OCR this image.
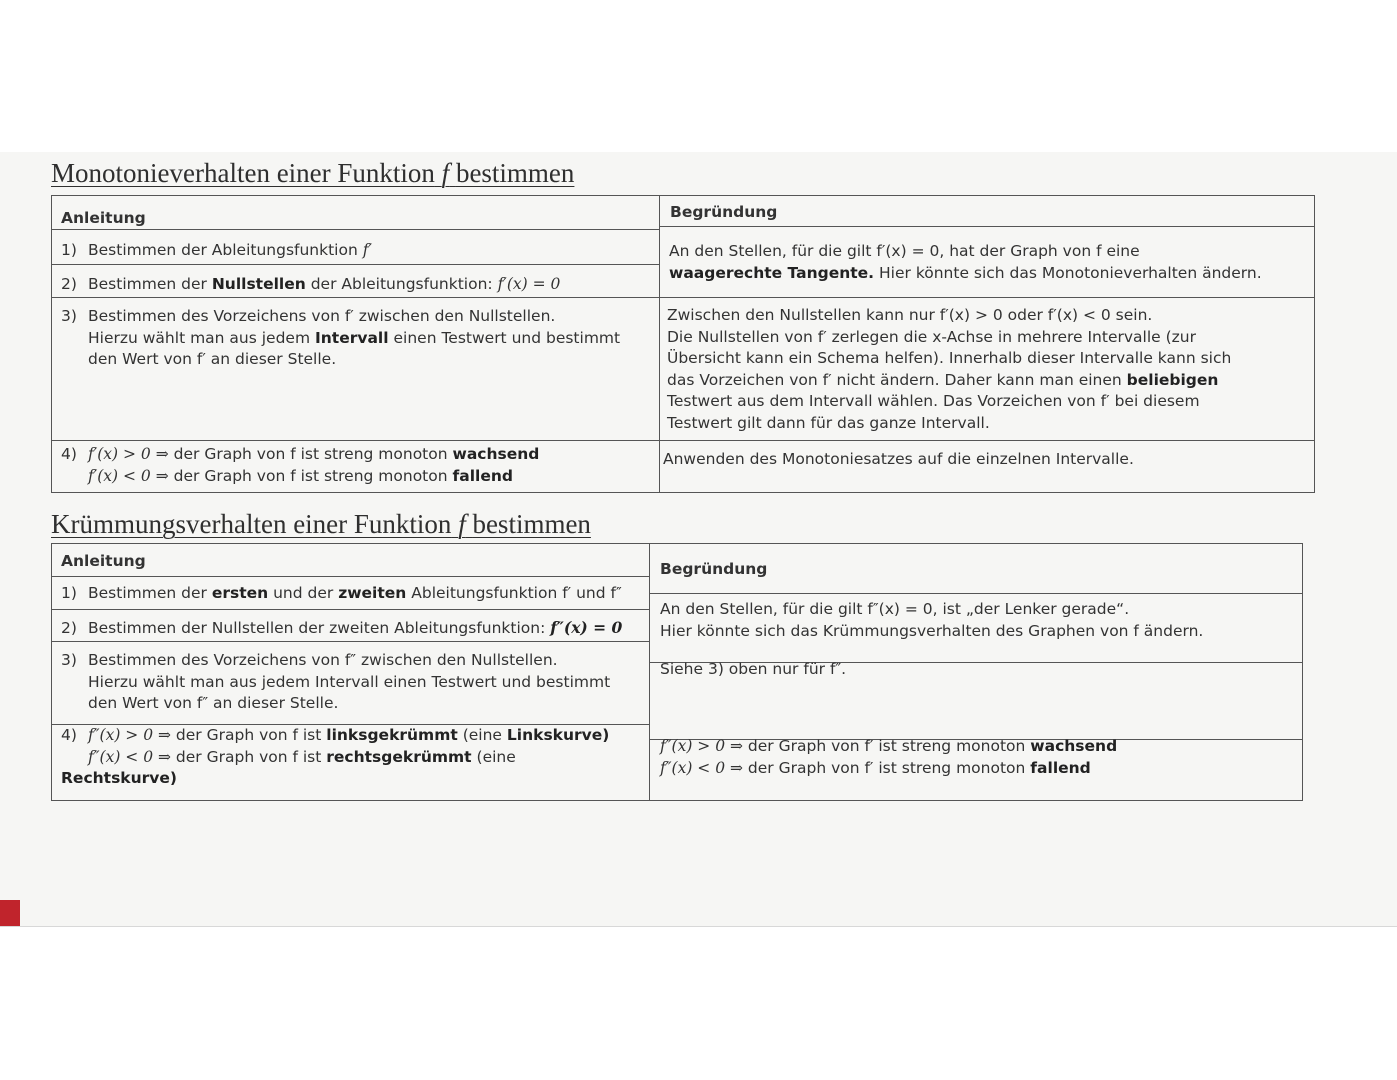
Monotonieverhalten einer Funktion f bestimmen
Anleitung	Begründung
1) Bestimmen der Ableitungsfunktion f′
2) Bestimmen der Nullstellen der Ableitungsfunktion: f′(x) = 0
3) Bestimmen des Vorzeichens von f′ zwischen den Nullstellen.
Hierzu wählt man aus jedem Intervall einen Testwert und bestimmt
den Wert von f′ an dieser Stelle.
4) f′(x) > 0 ⇒ der Graph von f ist streng monoton wachsend
f′(x) < 0 ⇒ der Graph von f ist streng monoton fallend
An den Stellen, für die gilt f′(x) = 0, hat der Graph von f eine
waagerechte Tangente. Hier könnte sich das Monotonieverhalten ändern.
Zwischen den Nullstellen kann nur f′(x) > 0 oder f′(x) < 0 sein.
Die Nullstellen von f′ zerlegen die x-Achse in mehrere Intervalle (zur
Übersicht kann ein Schema helfen). Innerhalb dieser Intervalle kann sich
das Vorzeichen von f′ nicht ändern. Daher kann man einen beliebigen
Testwert aus dem Intervall wählen. Das Vorzeichen von f′ bei diesem
Testwert gilt dann für das ganze Intervall.
Anwenden des Monotoniesatzes auf die einzelnen Intervalle.
Krümmungsverhalten einer Funktion f bestimmen
Anleitung	Begründung
1) Bestimmen der ersten und der zweiten Ableitungsfunktion f′ und f″
2) Bestimmen der Nullstellen der zweiten Ableitungsfunktion: f″(x) = 0
3) Bestimmen des Vorzeichens von f″ zwischen den Nullstellen.
Hierzu wählt man aus jedem Intervall einen Testwert und bestimmt
den Wert von f″ an dieser Stelle.
4) f″(x) > 0 ⇒ der Graph von f ist linksgekrümmt (eine Linkskurve)
f″(x) < 0 ⇒ der Graph von f ist rechtsgekrümmt (eine
Rechtskurve)
An den Stellen, für die gilt f″(x) = 0, ist „der Lenker gerade“.
Hier könnte sich das Krümmungsverhalten des Graphen von f ändern.
Siehe 3) oben nur für f″.
f″(x) > 0 ⇒ der Graph von f′ ist streng monoton wachsend
f″(x) < 0 ⇒ der Graph von f′ ist streng monoton fallend
